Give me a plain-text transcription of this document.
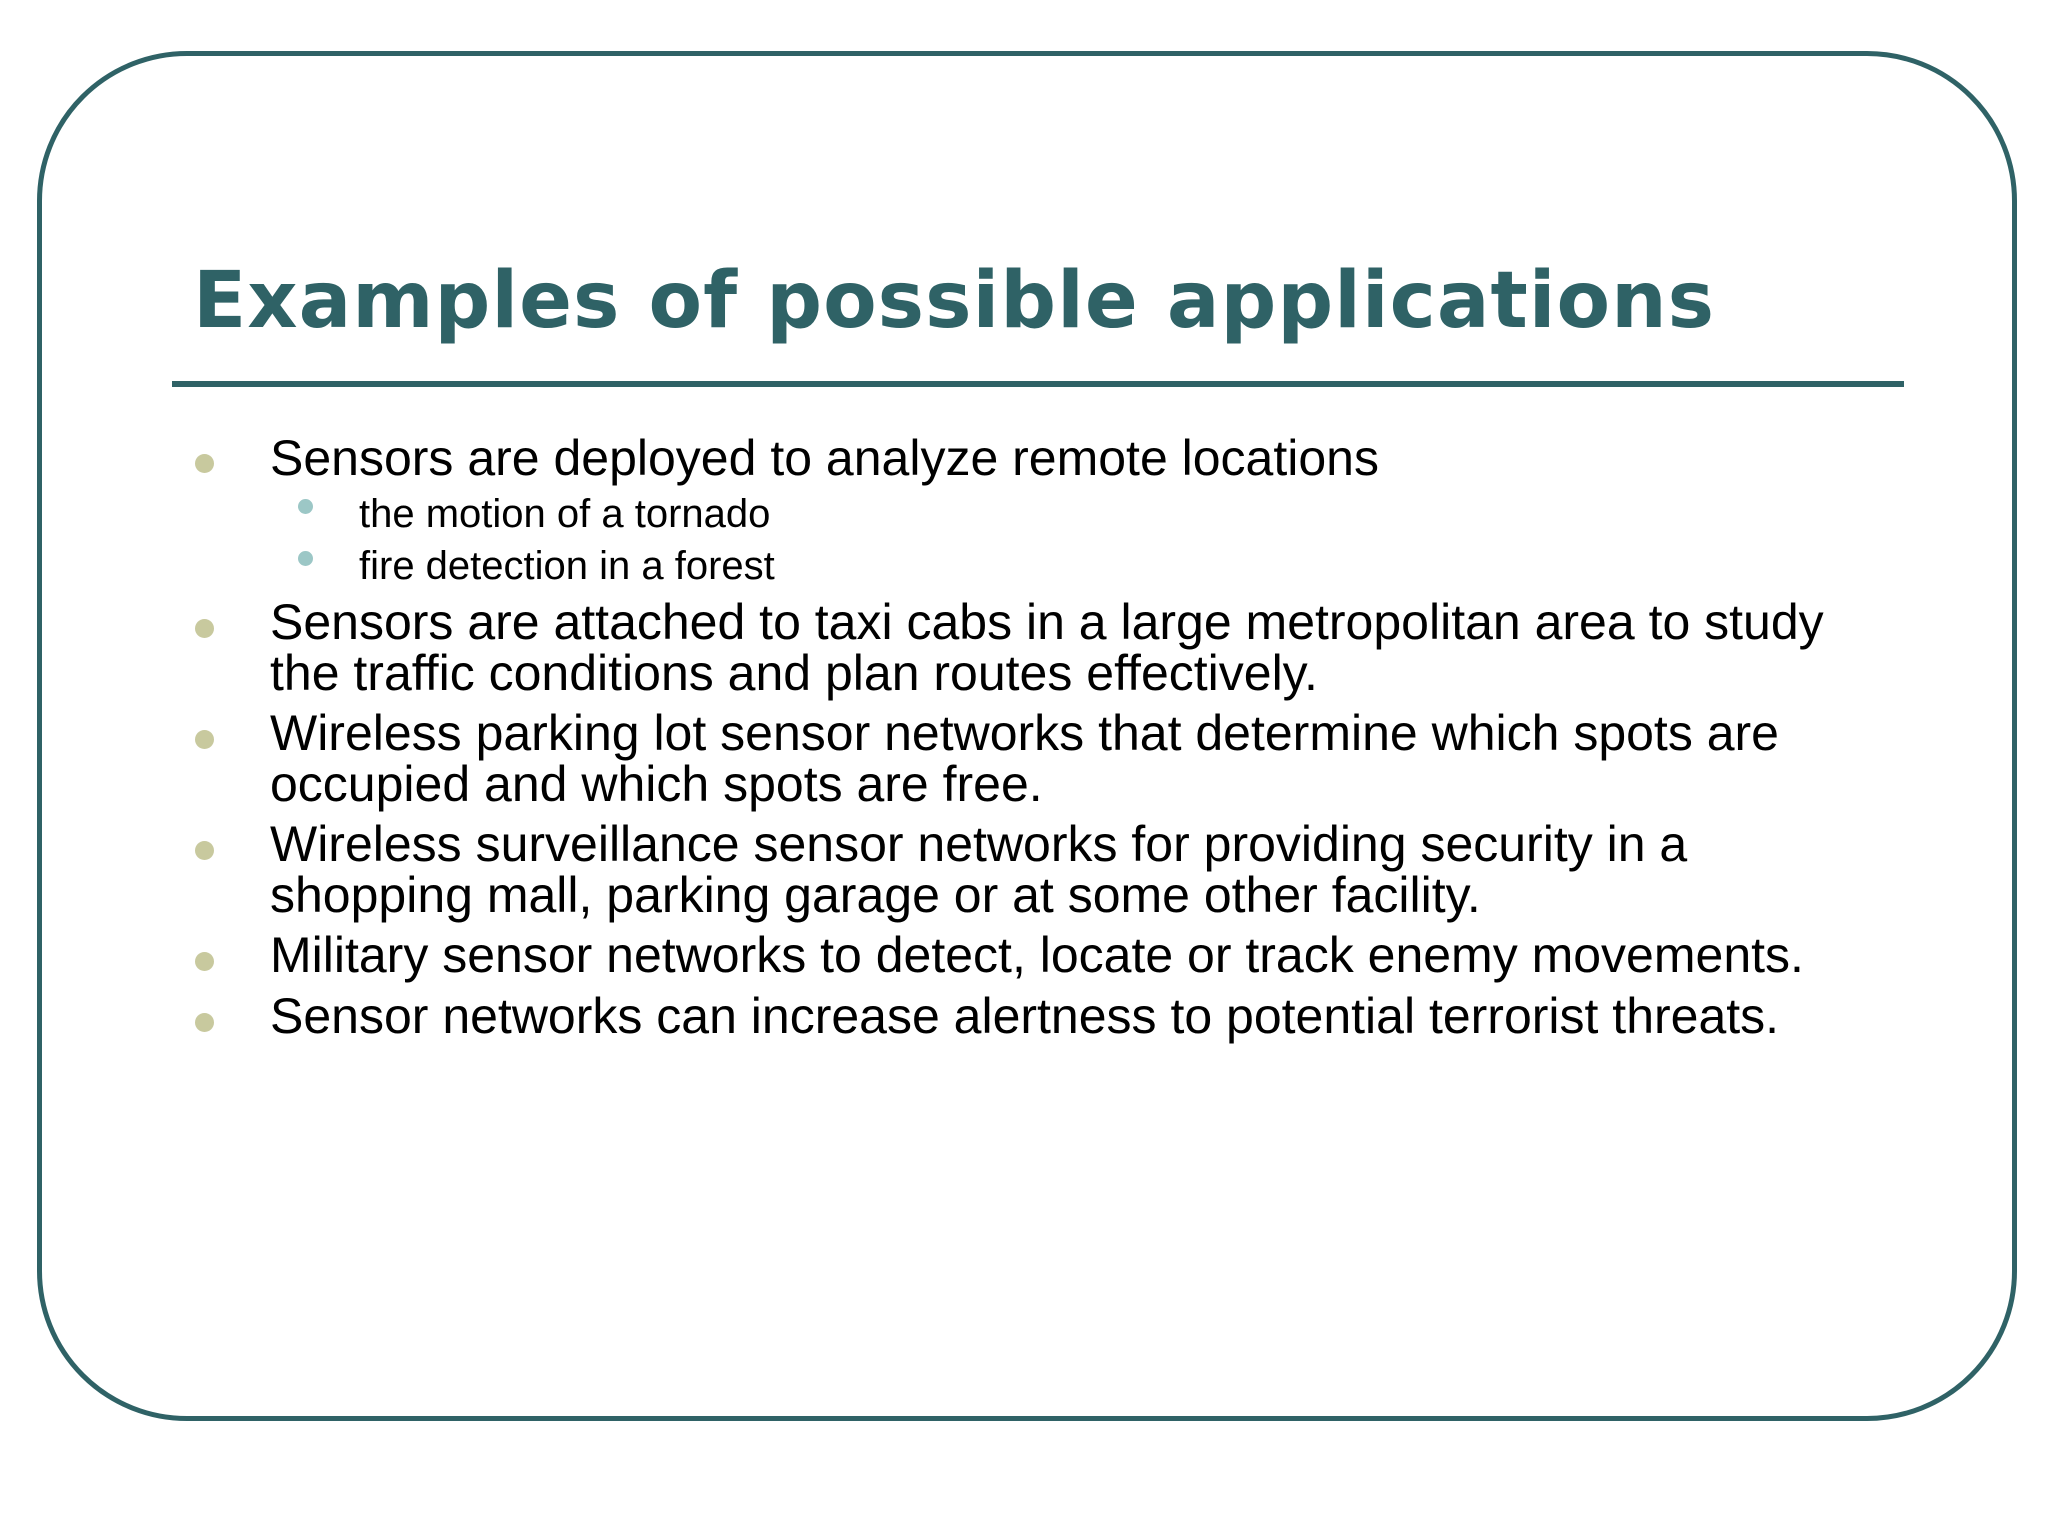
Examples of possible applications
Sensors are deployed to analyze remote locations
the motion of a tornado
fire detection in a forest
Sensors are attached to taxi cabs in a large metropolitan area to study
the traffic conditions and plan routes effectively.
Wireless parking lot sensor networks that determine which spots are
occupied and which spots are free.
Wireless surveillance sensor networks for providing security in a
shopping mall, parking garage or at some other facility.
Military sensor networks to detect, locate or track enemy movements.
Sensor networks can increase alertness to potential terrorist threats.
